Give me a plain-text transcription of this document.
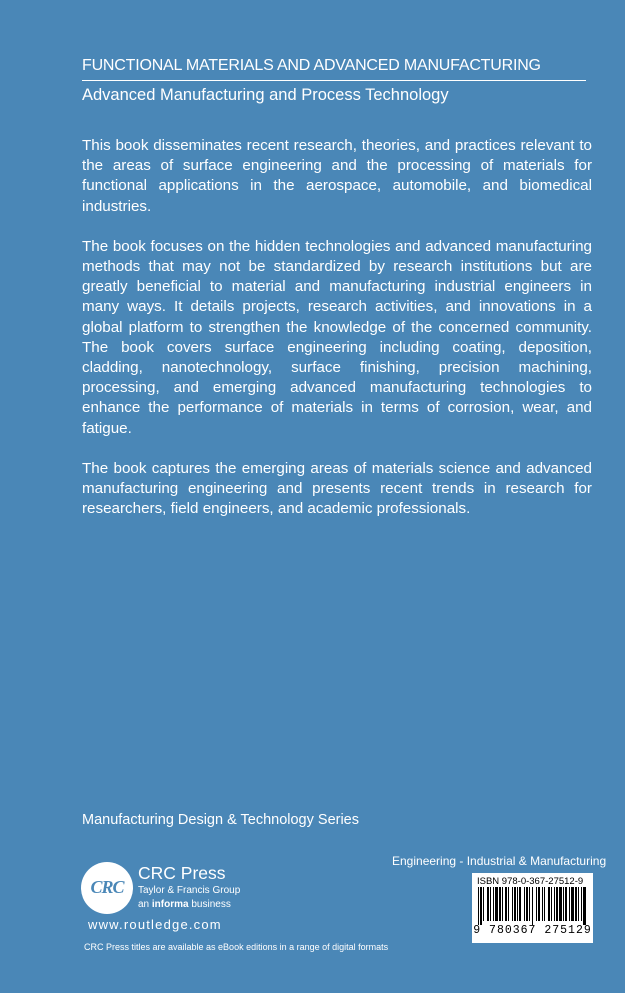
FUNCTIONAL MATERIALS AND ADVANCED MANUFACTURING
Advanced Manufacturing and Process Technology

This book disseminates recent research, theories, and practices relevant to the areas of surface engineering and the processing of materials for functional applications in the aerospace, automobile, and biomedical industries.

The book focuses on the hidden technologies and advanced manufacturing methods that may not be standardized by research institutions but are greatly beneficial to material and manufacturing industrial engineers in many ways. It details projects, research activities, and innovations in a global platform to strengthen the knowledge of the concerned community. The book covers surface engineering including coating, deposition, cladding, nanotechnology, surface finishing, precision machining, processing, and emerging advanced manufacturing technologies to enhance the performance of materials in terms of corrosion, wear, and fatigue.

The book captures the emerging areas of materials science and advanced manufacturing engineering and presents recent trends in research for researchers, field engineers, and academic professionals.

Manufacturing Design & Technology Series
CRC
CRC Press
Taylor & Francis Group
an informa business
www.routledge.com
CRC Press titles are available as eBook editions in a range of digital formats
Engineering - Industrial & Manufacturing
ISBN 978-0-367-27512-9
9 780367 275129
